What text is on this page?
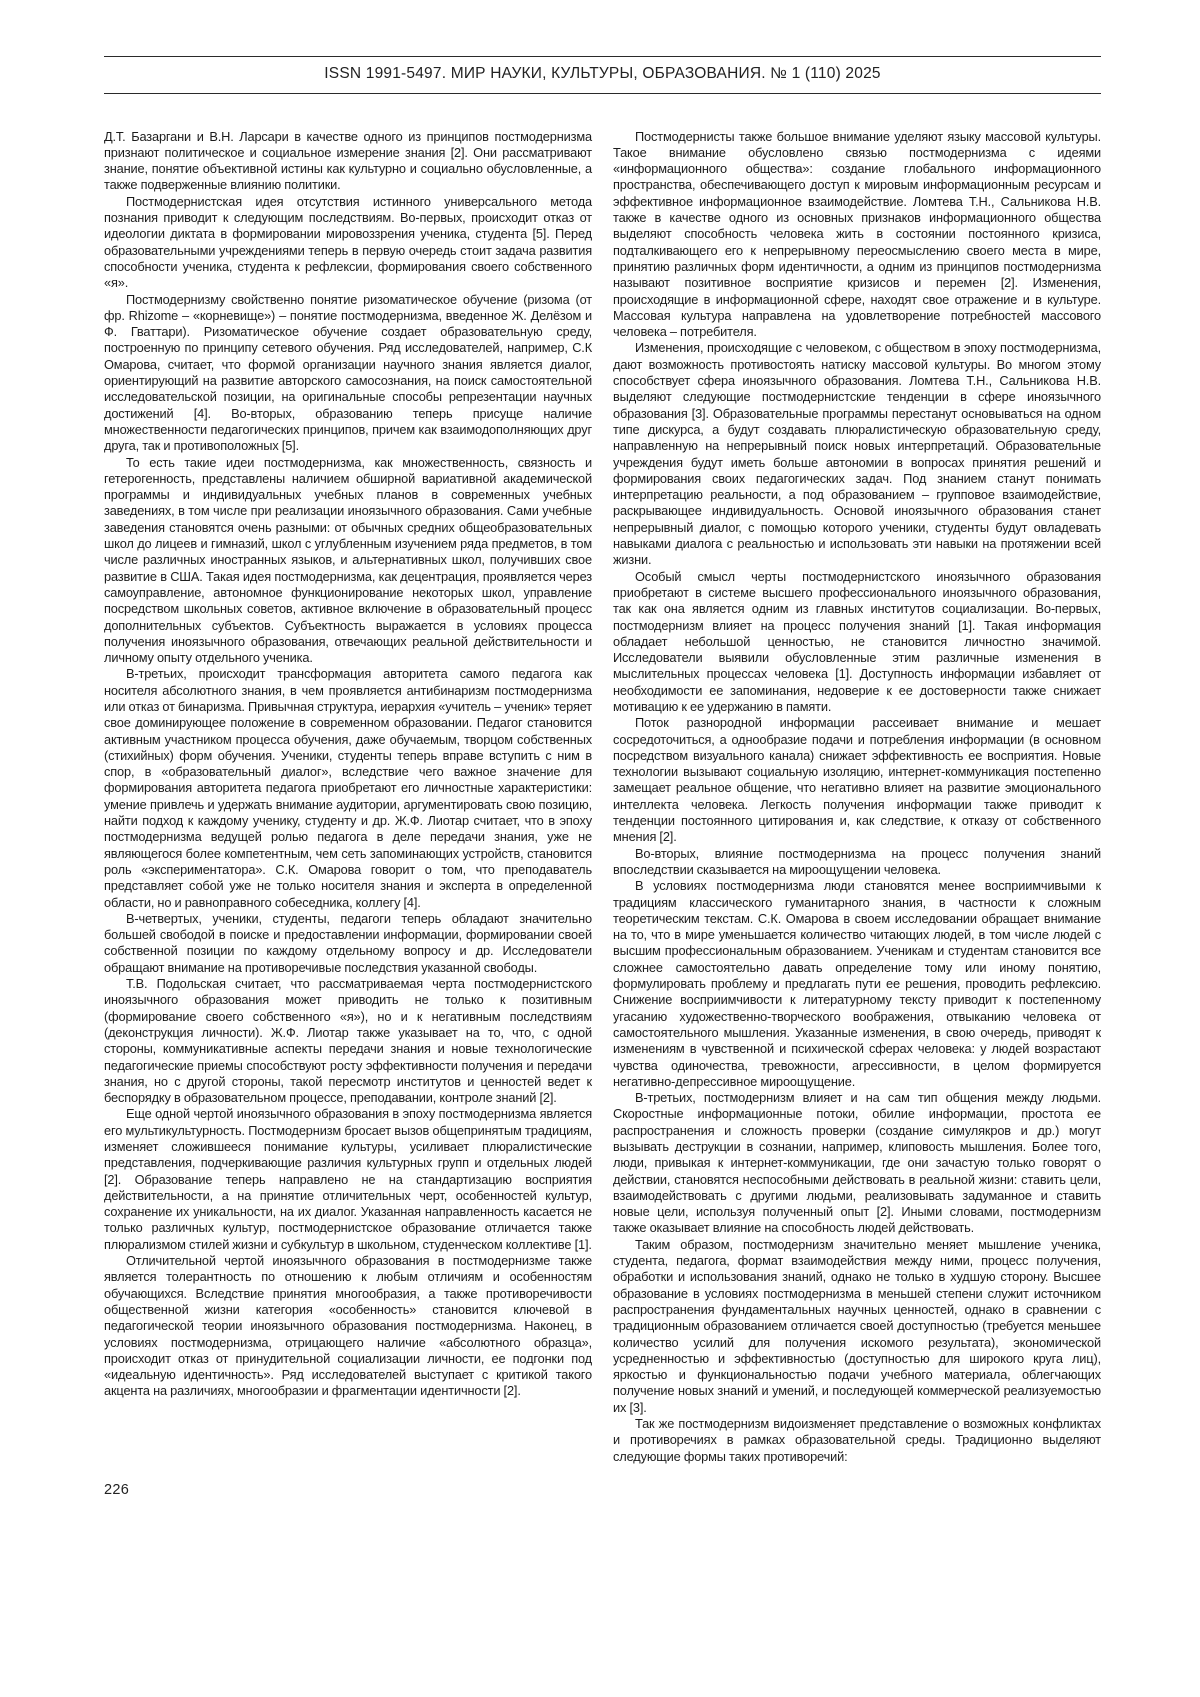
ISSN 1991-5497. МИР НАУКИ, КУЛЬТУРЫ, ОБРАЗОВАНИЯ. № 1 (110) 2025

Д.Т. Базаргани и В.Н. Ларсари в качестве одного из принципов постмодернизма признают политическое и социальное измерение знания [2]. Они рассматривают знание, понятие объективной истины как культурно и социально обусловленные, а также подверженные влиянию политики.

Постмодернистская идея отсутствия истинного универсального метода познания приводит к следующим последствиям. Во-первых, происходит отказ от идеологии диктата в формировании мировоззрения ученика, студента [5]. Перед образовательными учреждениями теперь в первую очередь стоит задача развития способности ученика, студента к рефлексии, формирования своего собственного «я».

Постмодернизму свойственно понятие ризоматическое обучение (ризома (от фр. Rhizome – «корневище») – понятие постмодернизма, введенное Ж. Делёзом и Ф. Гваттари). Ризоматическое обучение создает образовательную среду, построенную по принципу сетевого обучения. Ряд исследователей, например, С.К Омарова, считает, что формой организации научного знания является диалог, ориентирующий на развитие авторского самосознания, на поиск самостоятельной исследовательской позиции, на оригинальные способы репрезентации научных достижений [4]. Во-вторых, образованию теперь присуще наличие множественности педагогических принципов, причем как взаимодополняющих друг друга, так и противоположных [5].

То есть такие идеи постмодернизма, как множественность, связность и гетерогенность, представлены наличием обширной вариативной академической программы и индивидуальных учебных планов в современных учебных заведениях, в том числе при реализации иноязычного образования. Сами учебные заведения становятся очень разными: от обычных средних общеобразовательных школ до лицеев и гимназий, школ с углубленным изучением ряда предметов, в том числе различных иностранных языков, и альтернативных школ, получивших свое развитие в США. Такая идея постмодернизма, как децентрация, проявляется через самоуправление, автономное функционирование некоторых школ, управление посредством школьных советов, активное включение в образовательный процесс дополнительных субъектов. Субъектность выражается в условиях процесса получения иноязычного образования, отвечающих реальной действительности и личному опыту отдельного ученика.

В-третьих, происходит трансформация авторитета самого педагога как носителя абсолютного знания, в чем проявляется антибинаризм постмодернизма или отказ от бинаризма. Привычная структура, иерархия «учитель – ученик» теряет свое доминирующее положение в современном образовании. Педагог становится активным участником процесса обучения, даже обучаемым, творцом собственных (стихийных) форм обучения. Ученики, студенты теперь вправе вступить с ним в спор, в «образовательный диалог», вследствие чего важное значение для формирования авторитета педагога приобретают его личностные характеристики: умение привлечь и удержать внимание аудитории, аргументировать свою позицию, найти подход к каждому ученику, студенту и др. Ж.Ф. Лиотар считает, что в эпоху постмодернизма ведущей ролью педагога в деле передачи знания, уже не являющегося более компетентным, чем сеть запоминающих устройств, становится роль «экспериментатора». С.К. Омарова говорит о том, что преподаватель представляет собой уже не только носителя знания и эксперта в определенной области, но и равноправного собеседника, коллегу [4].

В-четвертых, ученики, студенты, педагоги теперь обладают значительно большей свободой в поиске и предоставлении информации, формировании своей собственной позиции по каждому отдельному вопросу и др. Исследователи обращают внимание на противоречивые последствия указанной свободы.

Т.В. Подольская считает, что рассматриваемая черта постмодернистского иноязычного образования может приводить не только к позитивным (формирование своего собственного «я»), но и к негативным последствиям (деконструкция личности). Ж.Ф. Лиотар также указывает на то, что, с одной стороны, коммуникативные аспекты передачи знания и новые технологические педагогические приемы способствуют росту эффективности получения и передачи знания, но с другой стороны, такой пересмотр институтов и ценностей ведет к беспорядку в образовательном процессе, преподавании, контроле знаний [2].

Еще одной чертой иноязычного образования в эпоху постмодернизма является его мультикультурность. Постмодернизм бросает вызов общепринятым традициям, изменяет сложившееся понимание культуры, усиливает плюралистические представления, подчеркивающие различия культурных групп и отдельных людей [2]. Образование теперь направлено не на стандартизацию восприятия действительности, а на принятие отличительных черт, особенностей культур, сохранение их уникальности, на их диалог. Указанная направленность касается не только различных культур, постмодернистское образование отличается также плюрализмом стилей жизни и субкультур в школьном, студенческом коллективе [1].

Отличительной чертой иноязычного образования в постмодернизме также является толерантность по отношению к любым отличиям и особенностям обучающихся. Вследствие принятия многообразия, а также противоречивости общественной жизни категория «особенность» становится ключевой в педагогической теории иноязычного образования постмодернизма. Наконец, в условиях постмодернизма, отрицающего наличие «абсолютного образца», происходит отказ от принудительной социализации личности, ее подгонки под «идеальную идентичность». Ряд исследователей выступает с критикой такого акцента на различиях, многообразии и фрагментации идентичности [2].

Постмодернисты также большое внимание уделяют языку массовой культуры. Такое внимание обусловлено связью постмодернизма с идеями «информационного общества»: создание глобального информационного пространства, обеспечивающего доступ к мировым информационным ресурсам и эффективное информационное взаимодействие. Ломтева Т.Н., Сальникова Н.В. также в качестве одного из основных признаков информационного общества выделяют способность человека жить в состоянии постоянного кризиса, подталкивающего его к непрерывному переосмыслению своего места в мире, принятию различных форм идентичности, а одним из принципов постмодернизма называют позитивное восприятие кризисов и перемен [2]. Изменения, происходящие в информационной сфере, находят свое отражение и в культуре. Массовая культура направлена на удовлетворение потребностей массового человека – потребителя.

Изменения, происходящие с человеком, с обществом в эпоху постмодернизма, дают возможность противостоять натиску массовой культуры. Во многом этому способствует сфера иноязычного образования. Ломтева Т.Н., Сальникова Н.В. выделяют следующие постмодернистские тенденции в сфере иноязычного образования [3]. Образовательные программы перестанут основываться на одном типе дискурса, а будут создавать плюралистическую образовательную среду, направленную на непрерывный поиск новых интерпретаций. Образовательные учреждения будут иметь больше автономии в вопросах принятия решений и формирования своих педагогических задач. Под знанием станут понимать интерпретацию реальности, а под образованием – групповое взаимодействие, раскрывающее индивидуальность. Основой иноязычного образования станет непрерывный диалог, с помощью которого ученики, студенты будут овладевать навыками диалога с реальностью и использовать эти навыки на протяжении всей жизни.

Особый смысл черты постмодернистского иноязычного образования приобретают в системе высшего профессионального иноязычного образования, так как она является одним из главных институтов социализации. Во-первых, постмодернизм влияет на процесс получения знаний [1]. Такая информация обладает небольшой ценностью, не становится личностно значимой. Исследователи выявили обусловленные этим различные изменения в мыслительных процессах человека [1]. Доступность информации избавляет от необходимости ее запоминания, недоверие к ее достоверности также снижает мотивацию к ее удержанию в памяти.

Поток разнородной информации рассеивает внимание и мешает сосредоточиться, а однообразие подачи и потребления информации (в основном посредством визуального канала) снижает эффективность ее восприятия. Новые технологии вызывают социальную изоляцию, интернет-коммуникация постепенно замещает реальное общение, что негативно влияет на развитие эмоционального интеллекта человека. Легкость получения информации также приводит к тенденции постоянного цитирования и, как следствие, к отказу от собственного мнения [2].

Во-вторых, влияние постмодернизма на процесс получения знаний впоследствии сказывается на мироощущении человека.

В условиях постмодернизма люди становятся менее восприимчивыми к традициям классического гуманитарного знания, в частности к сложным теоретическим текстам. С.К. Омарова в своем исследовании обращает внимание на то, что в мире уменьшается количество читающих людей, в том числе людей с высшим профессиональным образованием. Ученикам и студентам становится все сложнее самостоятельно давать определение тому или иному понятию, формулировать проблему и предлагать пути ее решения, проводить рефлексию. Снижение восприимчивости к литературному тексту приводит к постепенному угасанию художественно-творческого воображения, отвыканию человека от самостоятельного мышления. Указанные изменения, в свою очередь, приводят к изменениям в чувственной и психической сферах человека: у людей возрастают чувства одиночества, тревожности, агрессивности, в целом формируется негативно-депрессивное мироощущение.

В-третьих, постмодернизм влияет и на сам тип общения между людьми. Скоростные информационные потоки, обилие информации, простота ее распространения и сложность проверки (создание симулякров и др.) могут вызывать деструкции в сознании, например, клиповость мышления. Более того, люди, привыкая к интернет-коммуникации, где они зачастую только говорят о действии, становятся неспособными действовать в реальной жизни: ставить цели, взаимодействовать с другими людьми, реализовывать задуманное и ставить новые цели, используя полученный опыт [2]. Иными словами, постмодернизм также оказывает влияние на способность людей действовать.

Таким образом, постмодернизм значительно меняет мышление ученика, студента, педагога, формат взаимодействия между ними, процесс получения, обработки и использования знаний, однако не только в худшую сторону. Высшее образование в условиях постмодернизма в меньшей степени служит источником распространения фундаментальных научных ценностей, однако в сравнении с традиционным образованием отличается своей доступностью (требуется меньшее количество усилий для получения искомого результата), экономической усредненностью и эффективностью (доступностью для широкого круга лиц), яркостью и функциональностью подачи учебного материала, облегчающих получение новых знаний и умений, и последующей коммерческой реализуемостью их [3].

Так же постмодернизм видоизменяет представление о возможных конфликтах и противоречиях в рамках образовательной среды. Традиционно выделяют следующие формы таких противоречий:

226
